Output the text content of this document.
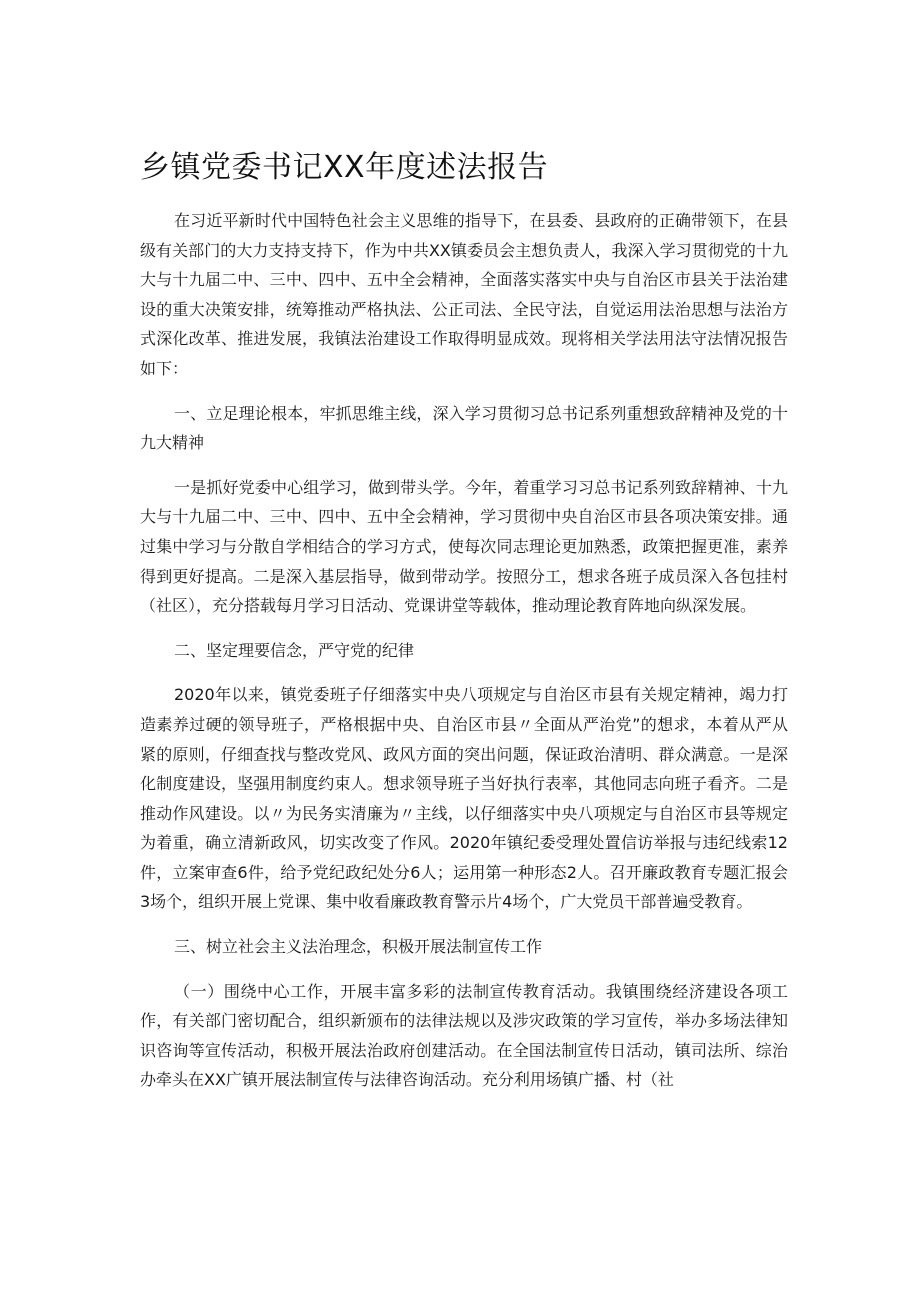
乡镇党委书记XX年度述法报告

在习近平新时代中国特色社会主义思维的指导下，在县委、县政府的正确带领下，在县级有关部门的大力支持支持下，作为中共XX镇委员会主想负责人，我深入学习贯彻党的十九大与十九届二中、三中、四中、五中全会精神，全面落实落实中央与自治区市县关于法治建设的重大决策安排，统筹推动严格执法、公正司法、全民守法，自觉运用法治思想与法治方式深化改革、推进发展，我镇法治建设工作取得明显成效。现将相关学法用法守法情况报告如下：

一、立足理论根本，牢抓思维主线，深入学习贯彻习总书记系列重想致辞精神及党的十九大精神

一是抓好党委中心组学习，做到带头学。今年，着重学习习总书记系列致辞精神、十九大与十九届二中、三中、四中、五中全会精神，学习贯彻中央自治区市县各项决策安排。通过集中学习与分散自学相结合的学习方式，使每次同志理论更加熟悉，政策把握更准，素养得到更好提高。二是深入基层指导，做到带动学。按照分工，想求各班子成员深入各包挂村（社区），充分搭载每月学习日活动、党课讲堂等载体，推动理论教育阵地向纵深发展。

二、坚定理要信念，严守党的纪律

2020年以来，镇党委班子仔细落实中央八项规定与自治区市县有关规定精神，竭力打造素养过硬的领导班子，严格根据中央、自治区市县〃全面从严治党”的想求，本着从严从紧的原则，仔细查找与整改党风、政风方面的突出问题，保证政治清明、群众满意。一是深化制度建设，坚强用制度约束人。想求领导班子当好执行表率，其他同志向班子看齐。二是推动作风建设。以〃为民务实清廉为〃主线，以仔细落实中央八项规定与自治区市县等规定为着重，确立清新政风，切实改变了作风。2020年镇纪委受理处置信访举报与违纪线索12件，立案审查6件，给予党纪政纪处分6人；运用第一种形态2人。召开廉政教育专题汇报会3场个，组织开展上党课、集中收看廉政教育警示片4场个，广大党员干部普遍受教育。

三、树立社会主义法治理念，积极开展法制宣传工作

（一）围绕中心工作，开展丰富多彩的法制宣传教育活动。我镇围绕经济建设各项工作，有关部门密切配合，组织新颁布的法律法规以及涉灾政策的学习宣传，举办多场法律知识咨询等宣传活动，积极开展法治政府创建活动。在全国法制宣传日活动，镇司法所、综治办牵头在XX广镇开展法制宣传与法律咨询活动。充分利用场镇广播、村（社
